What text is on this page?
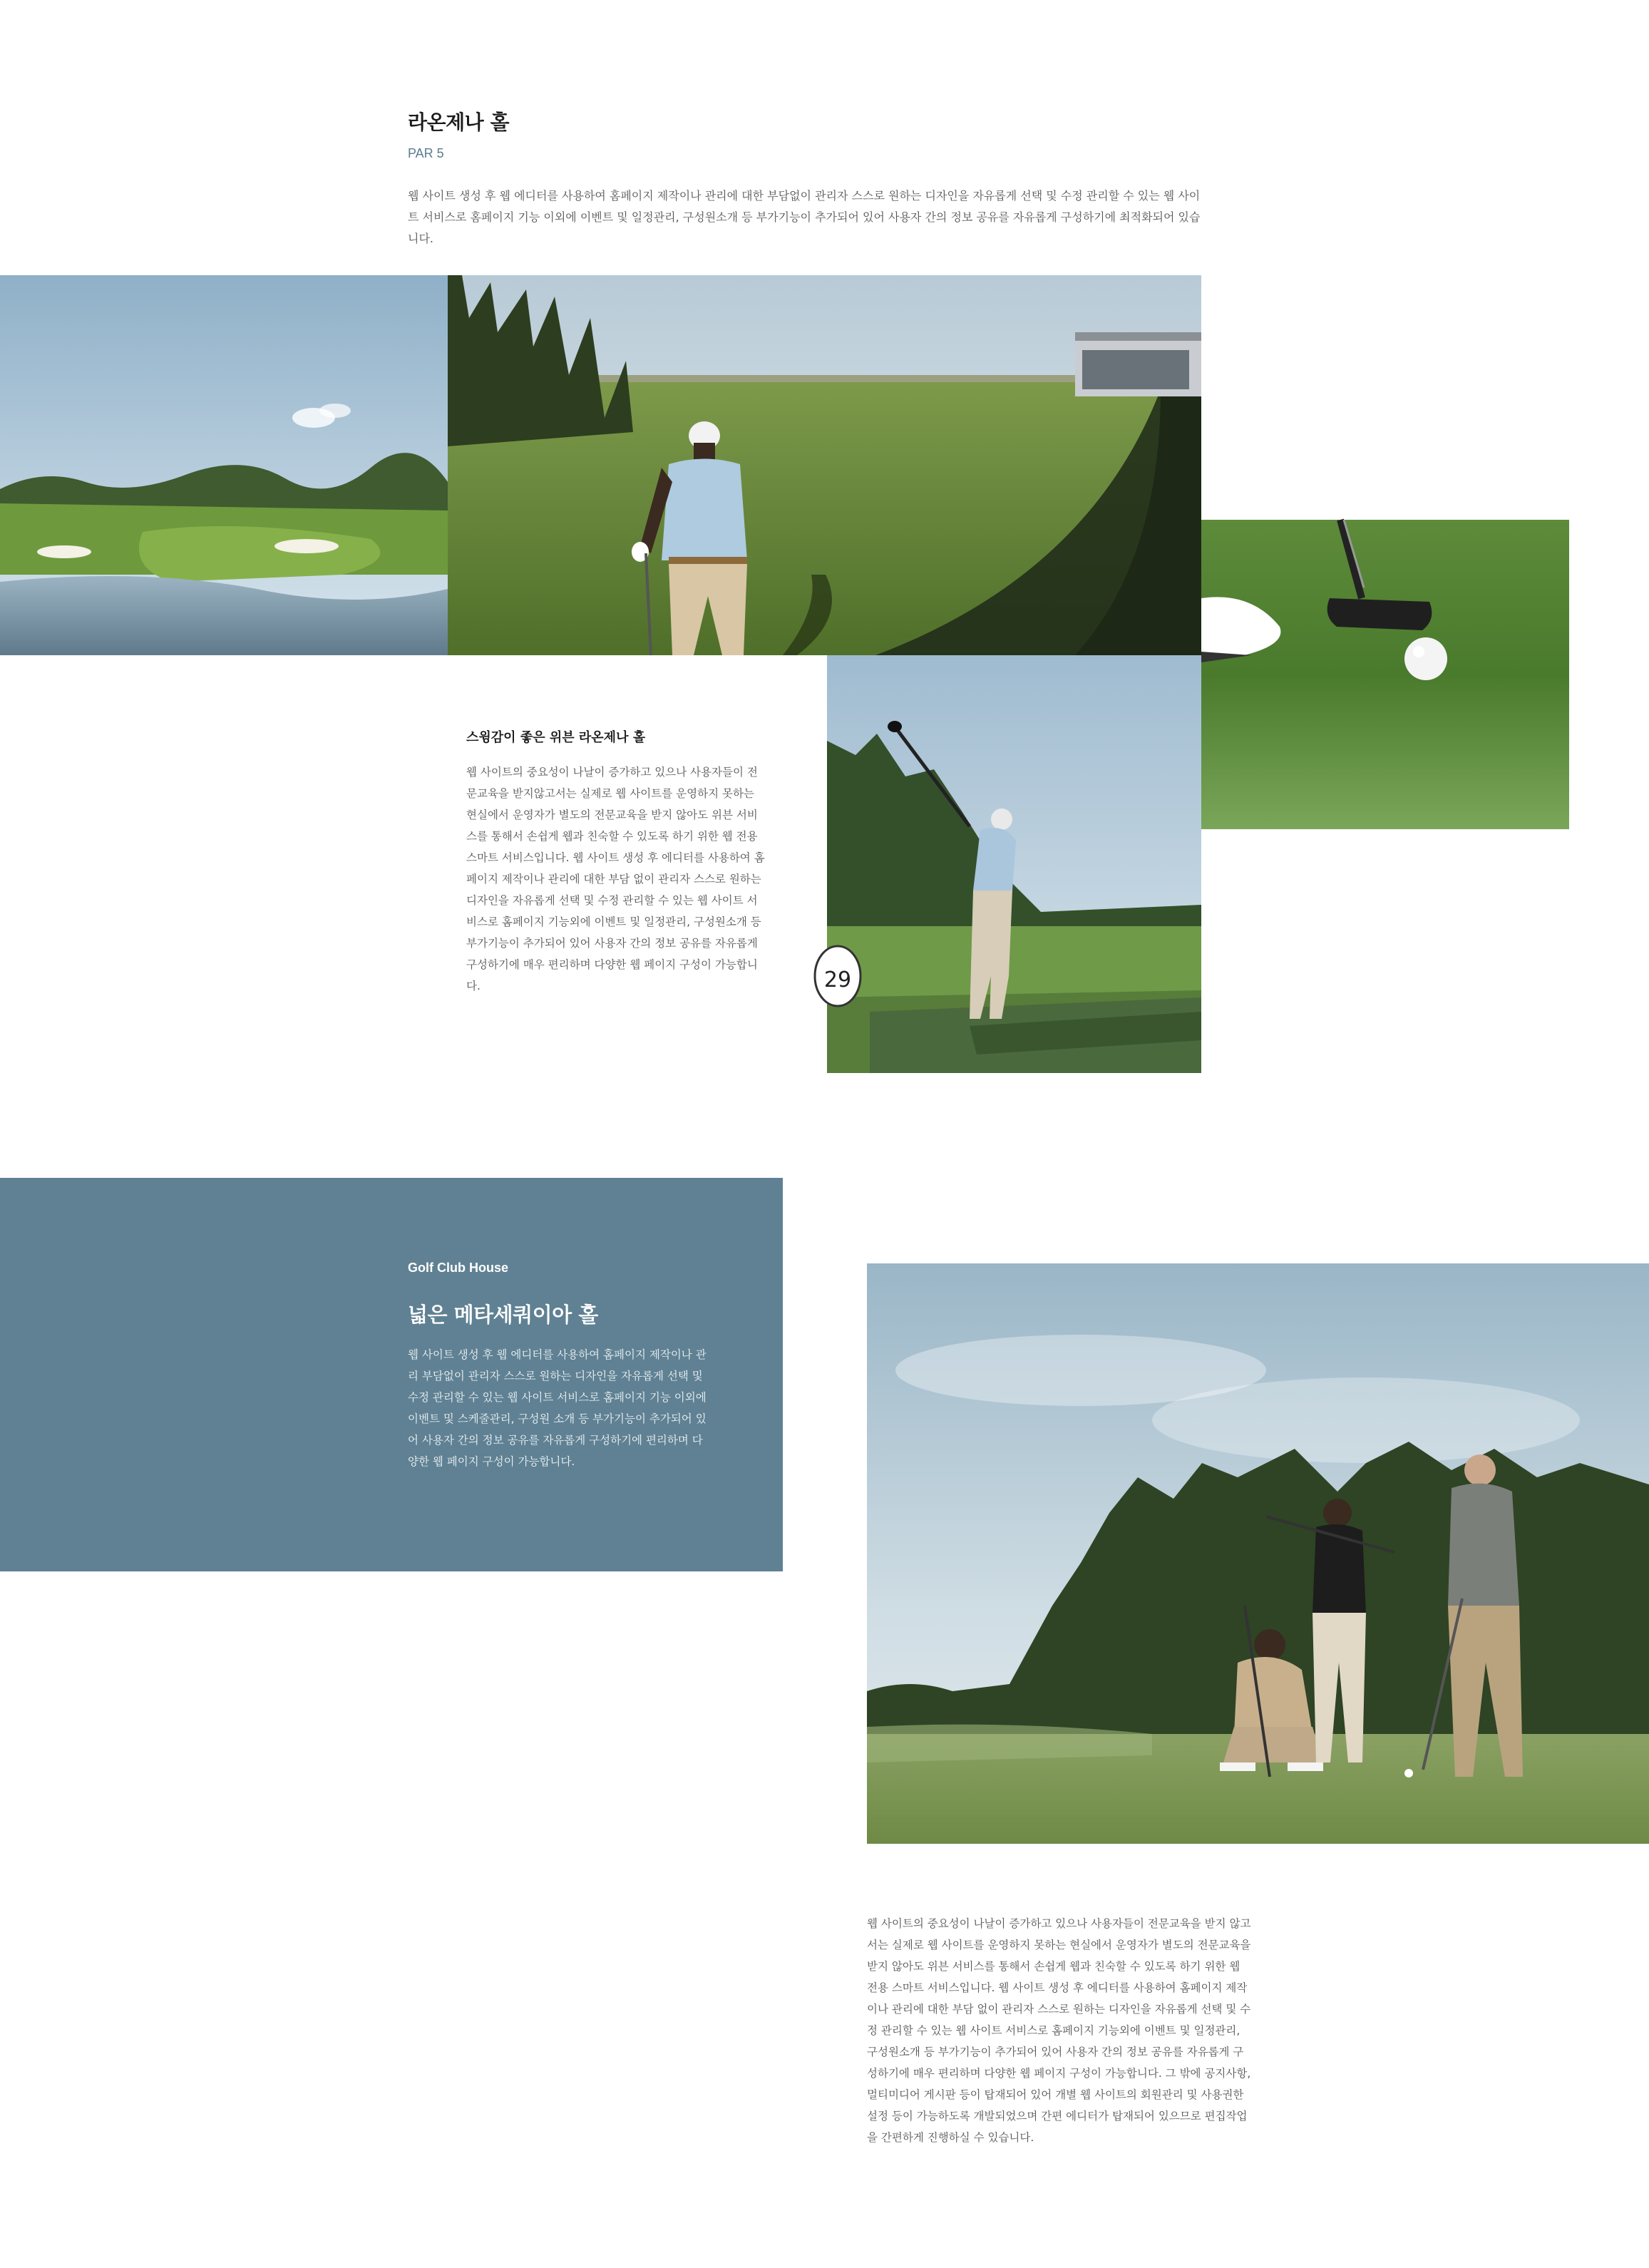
라온제나 홀
PAR 5

웹 사이트 생성 후 웹 에디터를 사용하여 홈페이지 제작이나 관리에 대한 부담없이 관리자 스스로 원하는 디자인을 자유롭게 선택 및 수정 관리할 수 있는 웹 사이트 서비스로 홈페이지 기능 이외에 이벤트 및 일정관리, 구성원소개 등 부가기능이 추가되어 있어 사용자 간의 정보 공유를 자유롭게 구성하기에 최적화되어 있습니다.

29
스윙감이 좋은 위븐 라온제나 홀

웹 사이트의 중요성이 나날이 증가하고 있으나 사용자들이 전문교육을 받지않고서는 실제로 웹 사이트를 운영하지 못하는 현실에서 운영자가 별도의 전문교육을 받지 않아도 위븐 서비스를 통해서 손쉽게 웹과 친숙할 수 있도록 하기 위한 웹 전용 스마트 서비스입니다. 웹 사이트 생성 후 에디터를 사용하여 홈페이지 제작이나 관리에 대한 부담 없이 관리자 스스로 원하는 디자인을 자유롭게 선택 및 수정 관리할 수 있는 웹 사이트 서비스로 홈페이지 기능외에 이벤트 및 일정관리, 구성원소개 등 부가기능이 추가되어 있어 사용자 간의 정보 공유를 자유롭게 구성하기에 매우 편리하며 다양한 웹 페이지 구성이 가능합니다.

Golf Club House
넓은 메타세쿼이아 홀

웹 사이트 생성 후 웹 에디터를 사용하여 홈페이지 제작이나 관리 부담없이 관리자 스스로 원하는 디자인을 자유롭게 선택 및 수정 관리할 수 있는 웹 사이트 서비스로 홈페이지 기능 이외에 이벤트 및 스케줄관리, 구성원 소개 등 부가기능이 추가되어 있어 사용자 간의 정보 공유를 자유롭게 구성하기에 편리하며 다양한 웹 페이지 구성이 가능합니다.

웹 사이트의 중요성이 나날이 증가하고 있으나 사용자들이 전문교육을 받지 않고서는 실제로 웹 사이트를 운영하지 못하는 현실에서 운영자가 별도의 전문교육을 받지 않아도 위븐 서비스를 통해서 손쉽게 웹과 친숙할 수 있도록 하기 위한 웹 전용 스마트 서비스입니다. 웹 사이트 생성 후 에디터를 사용하여 홈페이지 제작이나 관리에 대한 부담 없이 관리자 스스로 원하는 디자인을 자유롭게 선택 및 수정 관리할 수 있는 웹 사이트 서비스로 홈페이지 기능외에 이벤트 및 일정관리, 구성원소개 등 부가기능이 추가되어 있어 사용자 간의 정보 공유를 자유롭게 구성하기에 매우 편리하며 다양한 웹 페이지 구성이 가능합니다. 그 밖에 공지사항, 멀티미디어 게시판 등이 탑재되어 있어 개별 웹 사이트의 회원관리 및 사용권한 설정 등이 가능하도록 개발되었으며 간편 에디터가 탑재되어 있으므로 편집작업을 간편하게 진행하실 수 있습니다.
